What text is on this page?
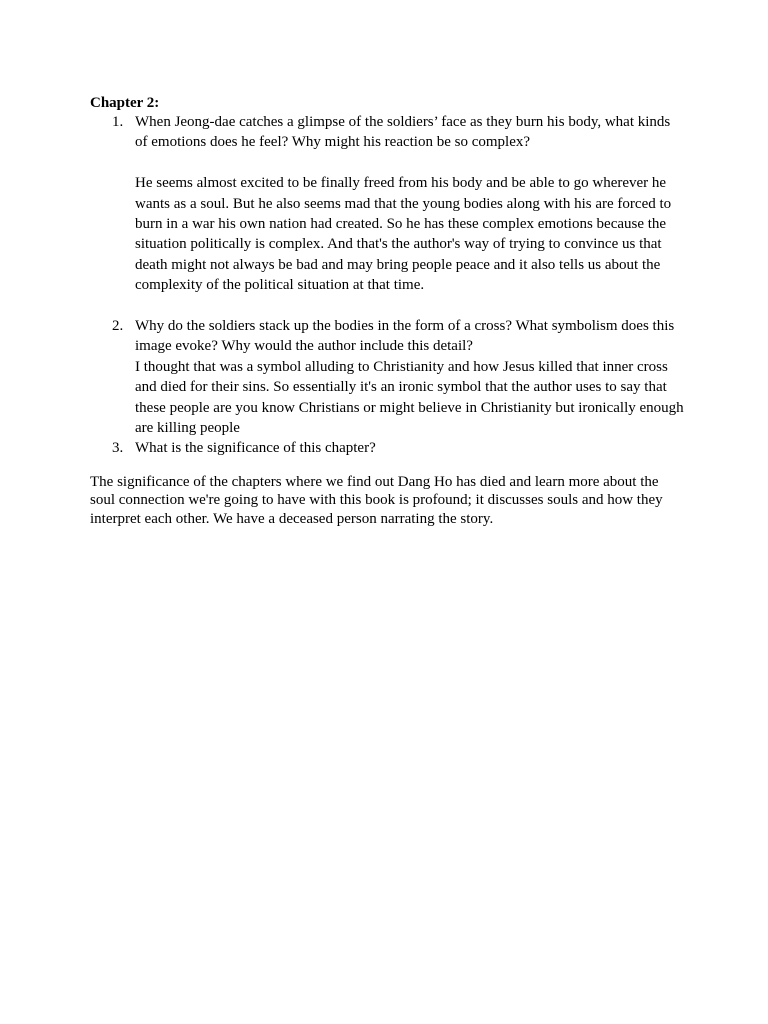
Chapter 2:

1. When Jeong-dae catches a glimpse of the soldiers’ face as they burn his body, what kinds of emotions does he feel? Why might his reaction be so complex?
He seems almost excited to be finally freed from his body and be able to go wherever he wants as a soul. But he also seems mad that the young bodies along with his are forced to burn in a war his own nation had created. So he has these complex emotions because the situation politically is complex. And that's the author's way of trying to convince us that death might not always be bad and may bring people peace and it also tells us about the complexity of the political situation at that time.
2. Why do the soldiers stack up the bodies in the form of a cross? What symbolism does this image evoke? Why would the author include this detail?
I thought that was a symbol alluding to Christianity and how Jesus killed that inner cross and died for their sins. So essentially it's an ironic symbol that the author uses to say that these people are you know Christians or might believe in Christianity but ironically enough are killing people
3. What is the significance of this chapter?

The significance of the chapters where we find out Dang Ho has died and learn more about the soul connection we're going to have with this book is profound; it discusses souls and how they interpret each other. We have a deceased person narrating the story.
